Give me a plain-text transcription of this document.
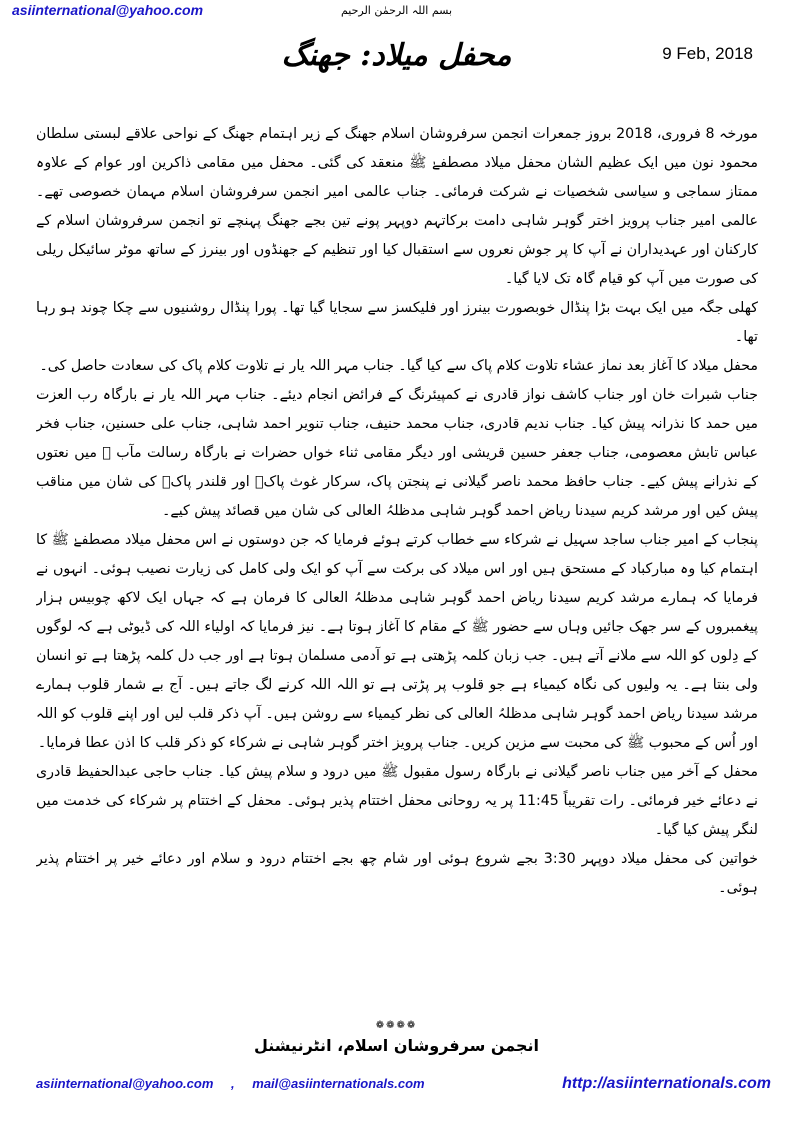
asiinternational@yahoo.com	بسم اللہ الرحمٰن الرحیم
9 Feb, 2018
محفل میلاد: جھنگ

مورخہ 8 فروری، 2018 بروز جمعرات انجمن سرفروشان اسلام جھنگ کے زیر اہتمام جھنگ کے نواحی علاقے لبستی سلطان محمود نون میں ایک عظیم الشان محفل میلاد مصطفےٰ ﷺ منعقد کی گئی۔ محفل میں مقامی ذاکرین اور عوام کے علاوہ ممتاز سماجی و سیاسی شخصیات نے شرکت فرمائی۔ جناب عالمی امیر انجمن سرفروشان اسلام مہمان خصوصی تھے۔ عالمی امیر جناب پرویز اختر گوہر شاہی دامت برکاتہم دوپہر پونے تین بجے جھنگ پہنچے تو انجمن سرفروشان اسلام کے کارکنان اور عہدیداران نے آپ کا پر جوش نعروں سے استقبال کیا اور تنظیم کے جھنڈوں اور بینرز کے ساتھ موٹر سائیکل ریلی کی صورت میں آپ کو قیام گاہ تک لایا گیا۔

کھلی جگہ میں ایک بہت بڑا پنڈال خوبصورت بینرز اور فلیکسز سے سجایا گیا تھا۔ پورا پنڈال روشنیوں سے چکا چوند ہو رہا تھا۔

محفل میلاد کا آغاز بعد نماز عشاء تلاوت کلام پاک سے کیا گیا۔ جناب مہر اللہ یار نے تلاوت کلام پاک کی سعادت حاصل کی۔

جناب شبرات خان اور جناب کاشف نواز قادری نے کمپیئرنگ کے فرائض انجام دیئے۔ جناب مہر اللہ یار نے بارگاہ رب العزت میں حمد کا نذرانہ پیش کیا۔ جناب ندیم قادری، جناب محمد حنیف، جناب تنویر احمد شاہی، جناب علی حسنین، جناب فخر عباس تابش معصومی، جناب جعفر حسین قریشی اور دیگر مقامی ثناء خواں حضرات نے بارگاہ رسالت مآب ﷺ میں نعتوں کے نذرانے پیش کیے۔ جناب حافظ محمد ناصر گیلانی نے پنجتن پاک، سرکار غوث پاکؒ اور قلندر پاکؒ کی شان میں مناقب پیش کیں اور مرشد کریم سیدنا ریاض احمد گوہر شاہی مدظلہُ العالی کی شان میں قصائد پیش کیے۔

پنجاب کے امیر جناب ساجد سہیل نے شرکاء سے خطاب کرتے ہوئے فرمایا کہ جن دوستوں نے اس محفل میلاد مصطفےٰ ﷺ کا اہتمام کیا وہ مبارکباد کے مستحق ہیں اور اس میلاد کی برکت سے آپ کو ایک ولی کامل کی زیارت نصیب ہوئی۔ انہوں نے فرمایا کہ ہمارے مرشد کریم سیدنا ریاض احمد گوہر شاہی مدظلہُ العالی کا فرمان ہے کہ جہاں ایک لاکھ چوبیس ہزار پیغمبروں کے سر جھک جائیں وہاں سے حضور ﷺ کے مقام کا آغاز ہوتا ہے۔ نیز فرمایا کہ اولیاء اللہ کی ڈیوٹی ہے کہ لوگوں کے دِلوں کو اللہ سے ملانے آتے ہیں۔ جب زبان کلمہ پڑھتی ہے تو آدمی مسلمان ہوتا ہے اور جب دل کلمہ پڑھتا ہے تو انسان ولی بنتا ہے۔ یہ ولیوں کی نگاہ کیمیاء ہے جو قلوب پر پڑتی ہے تو اللہ اللہ کرنے لگ جاتے ہیں۔ آج بے شمار قلوب ہمارے مرشد سیدنا ریاض احمد گوہر شاہی مدظلہُ العالی کی نظر کیمیاء سے روشن ہیں۔ آپ ذکر قلب لیں اور اپنے قلوب کو اللہ اور اُس کے محبوب ﷺ کی محبت سے مزین کریں۔ جناب پرویز اختر گوہر شاہی نے شرکاء کو ذکر قلب کا اذن عطا فرمایا۔

محفل کے آخر میں جناب ناصر گیلانی نے بارگاہ رسول مقبول ﷺ میں درود و سلام پیش کیا۔ جناب حاجی عبدالحفیظ قادری نے دعائے خیر فرمائی۔ رات تقریباً 11:45 پر یہ روحانی محفل اختتام پذیر ہوئی۔ محفل کے اختتام پر شرکاء کی خدمت میں لنگر پیش کیا گیا۔

خواتین کی محفل میلاد دوپہر 3:30 بجے شروع ہوئی اور شام چھ بجے اختتام درود و سلام اور دعائے خیر پر اختتام پذیر ہوئی۔

❁❁❁❁
انجمن سرفروشان اسلام، انٹرنیشنل
asiinternational@yahoo.com , mail@asiinternationals.com	http://asiinternationals.com
